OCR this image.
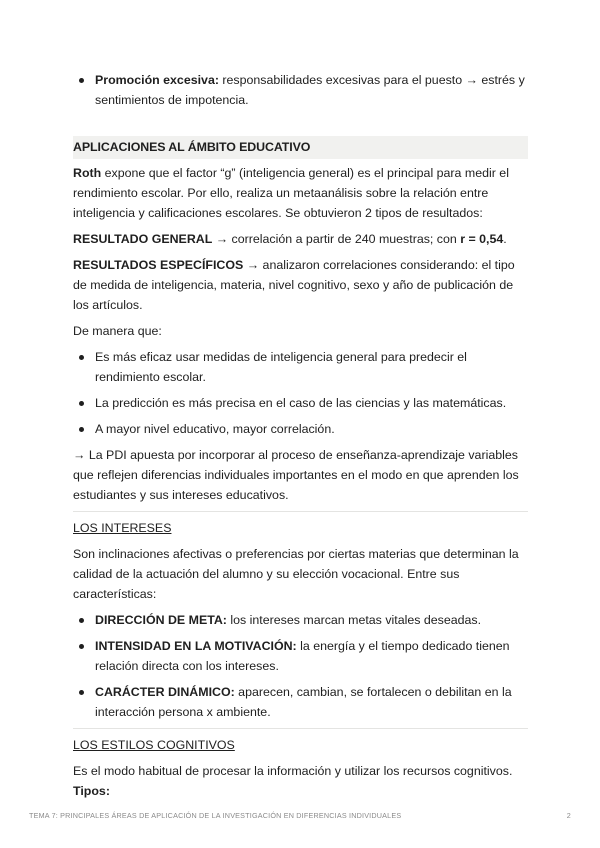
Promoción excesiva: responsabilidades excesivas para el puesto → estrés y sentimientos de impotencia.
APLICACIONES AL ÁMBITO EDUCATIVO

Roth expone que el factor “g” (inteligencia general) es el principal para medir el rendimiento escolar. Por ello, realiza un metaanálisis sobre la relación entre inteligencia y calificaciones escolares. Se obtuvieron 2 tipos de resultados:

RESULTADO GENERAL → correlación a partir de 240 muestras; con r = 0,54.

RESULTADOS ESPECÍFICOS → analizaron correlaciones considerando: el tipo de medida de inteligencia, materia, nivel cognitivo, sexo y año de publicación de los artículos.

De manera que:

Es más eficaz usar medidas de inteligencia general para predecir el rendimiento escolar.
La predicción es más precisa en el caso de las ciencias y las matemáticas.
A mayor nivel educativo, mayor correlación.

→ La PDI apuesta por incorporar al proceso de enseñanza-aprendizaje variables que reflejen diferencias individuales importantes en el modo en que aprenden los estudiantes y sus intereses educativos.

LOS INTERESES

Son inclinaciones afectivas o preferencias por ciertas materias que determinan la calidad de la actuación del alumno y su elección vocacional. Entre sus características:

DIRECCIÓN DE META: los intereses marcan metas vitales deseadas.
INTENSIDAD EN LA MOTIVACIÓN: la energía y el tiempo dedicado tienen relación directa con los intereses.
CARÁCTER DINÁMICO: aparecen, cambian, se fortalecen o debilitan en la interacción persona x ambiente.
LOS ESTILOS COGNITIVOS

Es el modo habitual de procesar la información y utilizar los recursos cognitivos. Tipos:

TEMA 7: PRINCIPALES ÁREAS DE APLICACIÓN DE LA INVESTIGACIÓN EN DIFERENCIAS INDIVIDUALES	2
